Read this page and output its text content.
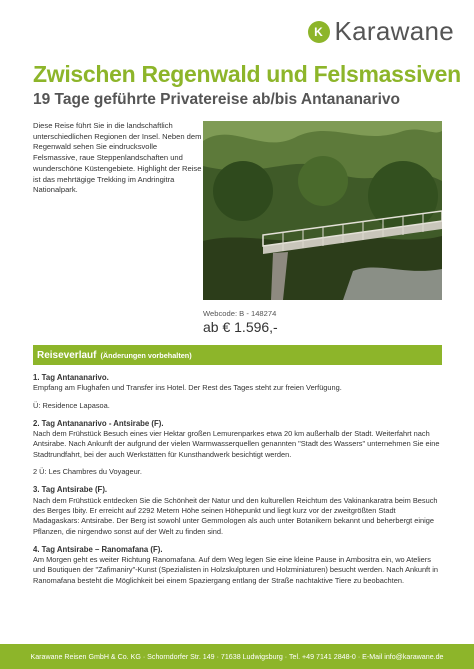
K Karawane
Zwischen Regenwald und Felsmassiven
19 Tage geführte Privatereise ab/bis Antananarivo
Diese Reise führt Sie in die landschaftlich unterschiedlichen Regionen der Insel. Neben dem Regenwald sehen Sie eindrucksvolle Felsmassive, raue Steppenlandschaften und wunderschöne Küstengebiete. Highlight der Reise ist das mehrtägige Trekking im Andringitra Nationalpark.
Webcode: B - 148274
ab € 1.596,-
Reiseverlauf (Änderungen vorbehalten)

1. Tag Antananarivo.

Empfang am Flughafen und Transfer ins Hotel. Der Rest des Tages steht zur freien Verfügung.

Ü: Residence Lapasoa.

2. Tag Antananarivo - Antsirabe (F).

Nach dem Frühstück Besuch eines vier Hektar großen Lemurenparkes etwa 20 km außerhalb der Stadt. Weiterfahrt nach Antsirabe. Nach Ankunft der aufgrund der vielen Warmwasserquellen genannten "Stadt des Wassers" unternehmen Sie eine Stadtrundfahrt, bei der auch Werkstätten für Kunsthandwerk besichtigt werden.

2 Ü: Les Chambres du Voyageur.

3. Tag Antsirabe (F).

Nach dem Frühstück entdecken Sie die Schönheit der Natur und den kulturellen Reichtum des Vakinankaratra beim Besuch des Berges Ibity. Er erreicht auf 2292 Metern Höhe seinen Höhepunkt und liegt kurz vor der zweitgrößten Stadt Madagaskars: Antsirabe. Der Berg ist sowohl unter Gemmologen als auch unter Botanikern bekannt und beherbergt einige Pflanzen, die nirgendwo sonst auf der Welt zu finden sind.

4. Tag Antsirabe – Ranomafana (F).

Am Morgen geht es weiter Richtung Ranomafana. Auf dem Weg legen Sie eine kleine Pause in Ambositra ein, wo Ateliers und Boutiquen der "Zafimaniry"-Kunst (Spezialisten in Holzskulpturen und Holzminiaturen) besucht werden. Nach Ankunft in Ranomafana besteht die Möglichkeit bei einem Spaziergang entlang der Straße nachtaktive Tiere zu beobachten.

Karawane Reisen GmbH & Co. KG · Schorndorfer Str. 149 · 71638 Ludwigsburg · Tel. +49 7141 2848-0 · E-Mail info@karawane.de
